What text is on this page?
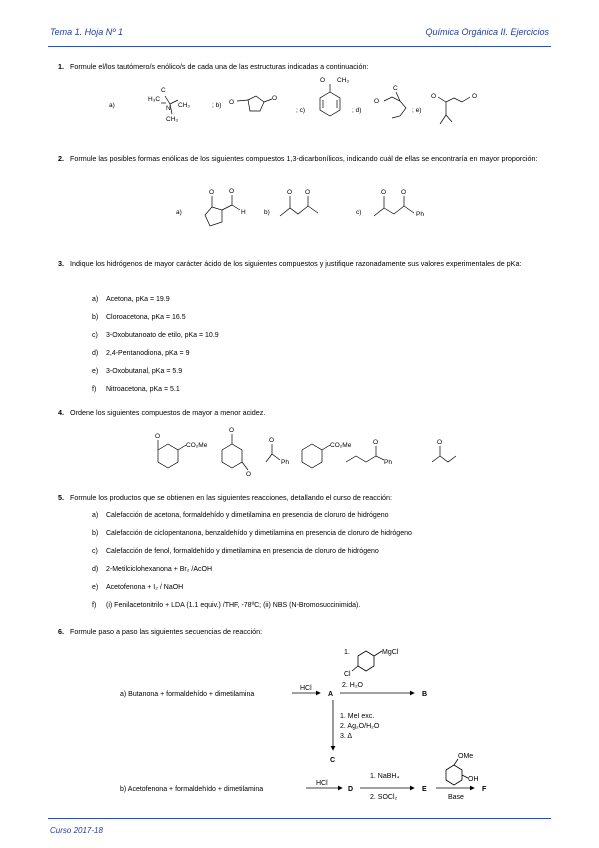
Tema 1. Hoja Nº 1	Química Orgánica II. Ejercicios
1. Formule el/los tautómero/s enólico/s de cada una de las estructuras indicadas a continuación:
a)
H₃C
C
N CH₃
CH₃
; b) O
O
; c)
O CH₃
; d)
O
C
; e)
O	O
2. Formule las posibles formas enólicas de los siguientes compuestos 1,3-dicarbonílicos, indicando cuál de ellas se encontraría en mayor proporción:
a)
O O
H	b)
O O
c)
O O
Ph
3. Indique los hidrógenos de mayor carácter ácido de los siguientes compuestos y justifique razonadamente sus valores experimentales de pKa:
a) Acetona, pKa = 19.9
b) Cloroacetona, pKa = 16.5
c) 3-Oxobutanoato de etilo, pKa = 10.9
d) 2,4-Pentanodiona, pKa = 9
e) 3-Oxobutanal, pKa = 5.9
f) Nitroacetona, pKa = 5.1
4. Ordene los siguientes compuestos de mayor a menor acidez.
O
CO₂Me
O
O
O
Ph
CO₂Me	O
Ph
O
5. Formule los productos que se obtienen en las siguientes reacciones, detallando el curso de reacción:
a) Calefacción de acetona, formaldehído y dimetilamina en presencia de cloruro de hidrógeno
b) Calefacción de ciclopentanona, benzaldehído y dimetilamina en presencia de cloruro de hidrógeno
c) Calefacción de fenol, formaldehído y dimetilamina en presencia de cloruro de hidrógeno
d) 2-Metilciclohexanona + Br₂ /AcOH
e) Acetofenona + I₂ / NaOH
f) (i) Fenilacetonitrilo + LDA (1.1 equiv.) /THF, -78ºC; (ii) NBS (N-Bromosuccinimida).
6. Formule paso a paso las siguientes secuencias de reacción:
a) Butanona + formaldehído + dimetilamina
HCl
A
1.	MgCl
Cl
2. H₂O
B
1. MeI exc.
2. Ag₂O/H₂O
3. Δ
C
b) Acetofenona + formaldehído + dimetilamina
HCl
D
1. NaBH₄
2. SOCl₂
E
OMe
OH
Base
F
Curso 2017-18
